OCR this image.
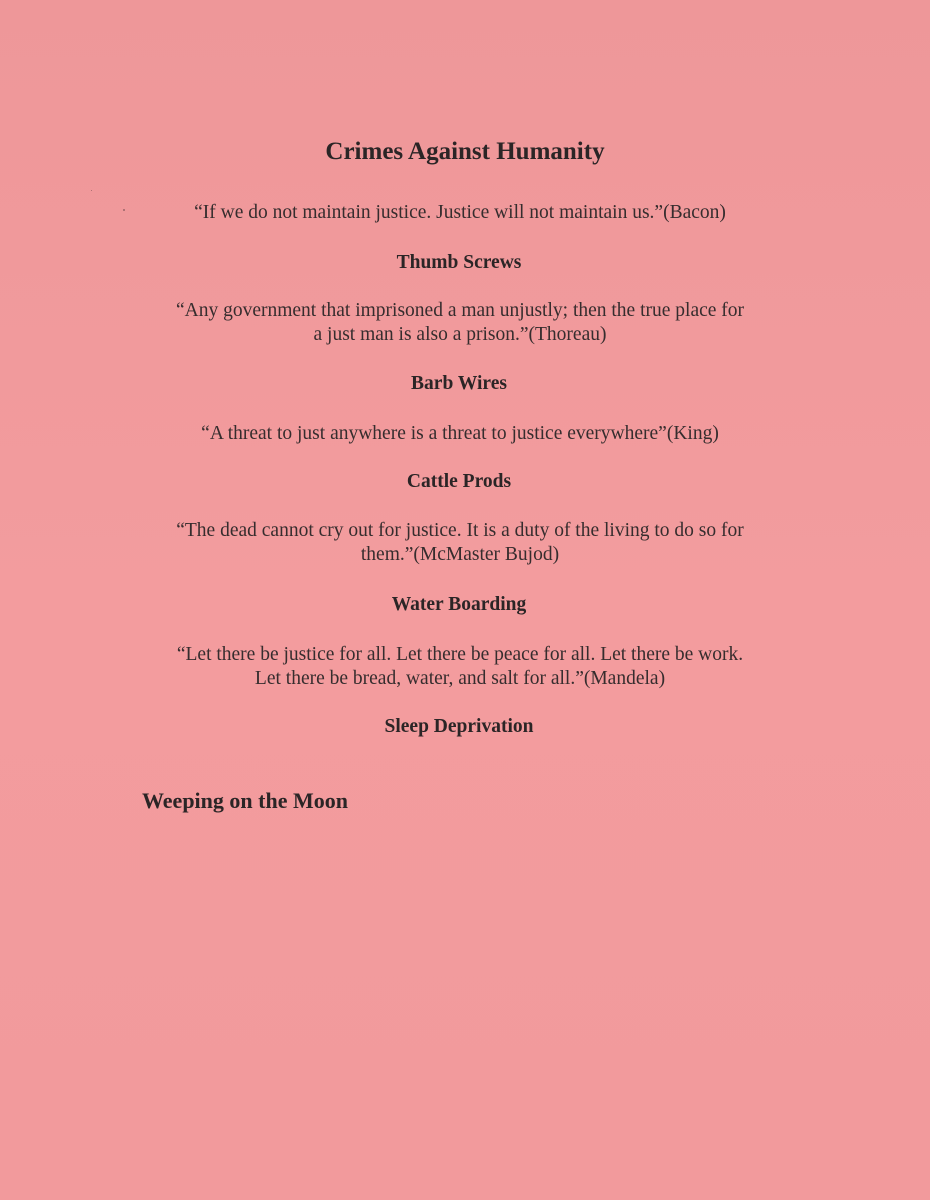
Crimes Against Humanity

“If we do not maintain justice. Justice will not maintain us.”(Bacon)

Thumb Screws

“Any government that imprisoned a man unjustly; then the true place for
a just man is also a prison.”(Thoreau)

Barb Wires

“A threat to just anywhere is a threat to justice everywhere”(King)

Cattle Prods

“The dead cannot cry out for justice. It is a duty of the living to do so for
them.”(McMaster Bujod)

Water Boarding

“Let there be justice for all. Let there be peace for all. Let there be work.
Let there be bread, water, and salt for all.”(Mandela)

Sleep Deprivation
Weeping on the Moon
